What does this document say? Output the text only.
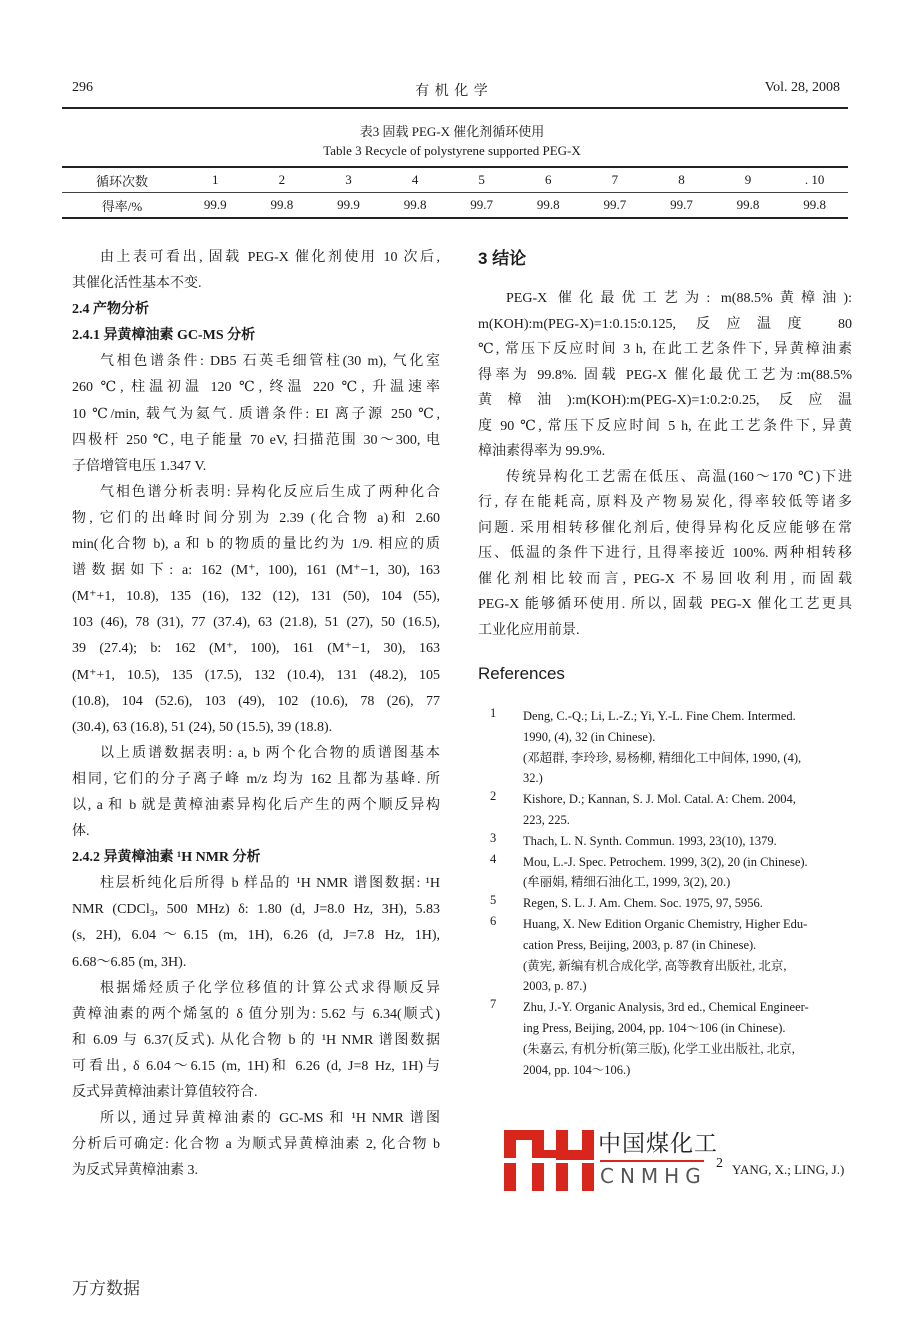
296	有 机 化 学	Vol. 28, 2008
表3 固载 PEG-X 催化剂循环使用
Table 3 Recycle of polystyrene supported PEG-X
循环次数	1	2	3	4	5	6	7	8	9	. 10
得率/%	99.9	99.8	99.9	99.8	99.7	99.8	99.7	99.7	99.8	99.8
由上表可看出, 固载 PEG-X 催化剂使用 10 次后,
其催化活性基本不变.
2.4 产物分析
2.4.1 异黄樟油素 GC-MS 分析
气相色谱条件: DB5 石英毛细管柱(30 m), 气化室
260 ℃, 柱温初温 120 ℃, 终温 220 ℃, 升温速率
10 ℃/min, 载气为氦气. 质谱条件: EI 离子源 250 ℃,
四极杆 250 ℃, 电子能量 70 eV, 扫描范围 30～300, 电
子倍增管电压 1.347 V.
气相色谱分析表明: 异构化反应后生成了两种化合
物, 它们的出峰时间分别为 2.39 (化合物 a)和 2.60
min(化合物 b), a 和 b 的物质的量比约为 1/9. 相应的质
谱数据如下: a: 162 (M⁺, 100), 161 (M⁺−1, 30), 163
(M⁺+1, 10.8), 135 (16), 132 (12), 131 (50), 104 (55),
103 (46), 78 (31), 77 (37.4), 63 (21.8), 51 (27), 50 (16.5),
39 (27.4); b: 162 (M⁺, 100), 161 (M⁺−1, 30), 163
(M⁺+1, 10.5), 135 (17.5), 132 (10.4), 131 (48.2), 105
(10.8), 104 (52.6), 103 (49), 102 (10.6), 78 (26), 77
(30.4), 63 (16.8), 51 (24), 50 (15.5), 39 (18.8).
以上质谱数据表明: a, b 两个化合物的质谱图基本
相同, 它们的分子离子峰 m/z 均为 162 且都为基峰. 所
以, a 和 b 就是黄樟油素异构化后产生的两个顺反异构
体.
2.4.2 异黄樟油素 ¹H NMR 分析
柱层析纯化后所得 b 样品的 ¹H NMR 谱图数据: ¹H
NMR (CDCl₃, 500 MHz) δ: 1.80 (d, J=8.0 Hz, 3H), 5.83
(s, 2H), 6.04～6.15 (m, 1H), 6.26 (d, J=7.8 Hz, 1H),
6.68～6.85 (m, 3H).
根据烯烃质子化学位移值的计算公式求得顺反异
黄樟油素的两个烯氢的 δ 值分别为: 5.62 与 6.34(顺式)
和 6.09 与 6.37(反式). 从化合物 b 的 ¹H NMR 谱图数据
可看出, δ 6.04～6.15 (m, 1H)和 6.26 (d, J=8 Hz, 1H)与
反式异黄樟油素计算值较符合.
所以, 通过异黄樟油素的 GC-MS 和 ¹H NMR 谱图
分析后可确定: 化合物 a 为顺式异黄樟油素 2, 化合物 b
为反式异黄樟油素 3.
3 结论
PEG-X 催化最优工艺为: m(88.5%黄樟油):
m(KOH):m(PEG-X)=1:0.15:0.125, 反应温度 80
℃, 常压下反应时间 3 h, 在此工艺条件下, 异黄樟油素
得率为 99.8%. 固载 PEG-X 催化最优工艺为:m(88.5%
黄樟油):m(KOH):m(PEG-X)=1:0.2:0.25, 反应温
度 90 ℃, 常压下反应时间 5 h, 在此工艺条件下, 异黄
樟油素得率为 99.9%.
传统异构化工艺需在低压、高温(160～170 ℃)下进
行, 存在能耗高, 原料及产物易炭化, 得率较低等诸多
问题. 采用相转移催化剂后, 使得异构化反应能够在常
压、低温的条件下进行, 且得率接近 100%. 两种相转移
催化剂相比较而言, PEG-X 不易回收利用, 而固载
PEG-X 能够循环使用. 所以, 固载 PEG-X 催化工艺更具
工业化应用前景.
References
1	Deng, C.-Q.; Li, L.-Z.; Yi, Y.-L. Fine Chem. Intermed.
1990, (4), 32 (in Chinese).
(邓超群, 李玲珍, 易杨柳, 精细化工中间体, 1990, (4),
32.)
2	Kishore, D.; Kannan, S. J. Mol. Catal. A: Chem. 2004,
223, 225.
3	Thach, L. N. Synth. Commun. 1993, 23(10), 1379.
4	Mou, L.-J. Spec. Petrochem. 1999, 3(2), 20 (in Chinese).
(牟丽娟, 精细石油化工, 1999, 3(2), 20.)
5	Regen, S. L. J. Am. Chem. Soc. 1975, 97, 5956.
6	Huang, X. New Edition Organic Chemistry, Higher Edu-
cation Press, Beijing, 2003, p. 87 (in Chinese).
(黄宪, 新编有机合成化学, 高等教育出版社, 北京,
2003, p. 87.)
7	Zhu, J.-Y. Organic Analysis, 3rd ed., Chemical Engineer-
ing Press, Beijing, 2004, pp. 104～106 (in Chinese).
(朱嘉云, 有机分析(第三版), 化学工业出版社, 北京,
2004, pp. 104～106.)
中国煤化工
CNMHG
2 YANG, X.; LING, J.)
万方数据
